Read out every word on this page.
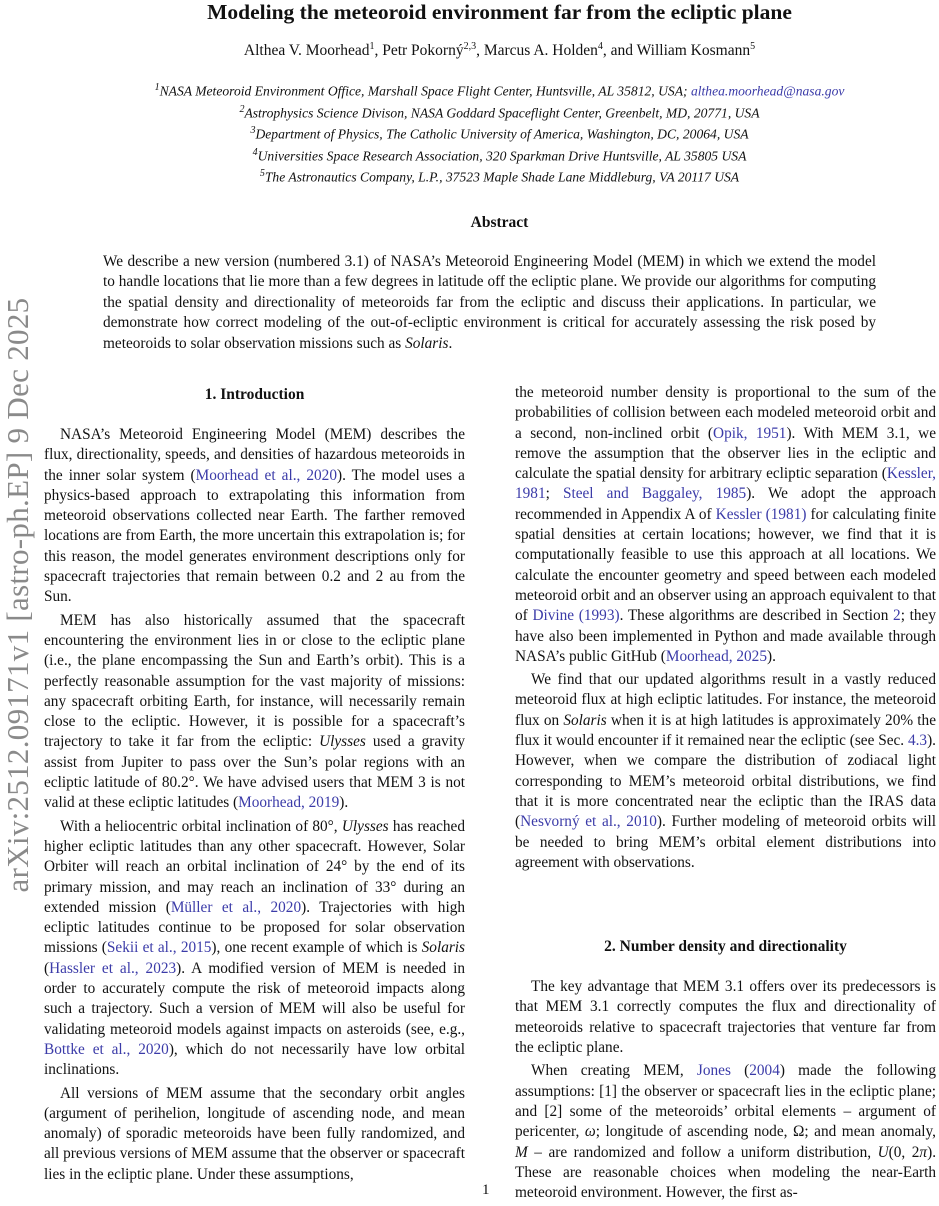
arXiv:2512.09171v1 [astro-ph.EP] 9 Dec 2025
Modeling the meteoroid environment far from the ecliptic plane
Althea V. Moorhead$^1$, Petr Pokorný$^{2,3}$, Marcus A. Holden$^4$, and William Kosmann$^5$
$^1$NASA Meteoroid Environment Office, Marshall Space Flight Center, Huntsville, AL 35812, USA; althea.moorhead@nasa.gov
$^2$Astrophysics Science Divison, NASA Goddard Spaceflight Center, Greenbelt, MD, 20771, USA
$^3$Department of Physics, The Catholic University of America, Washington, DC, 20064, USA
$^4$Universities Space Research Association, 320 Sparkman Drive Huntsville, AL 35805 USA
$^5$The Astronautics Company, L.P., 37523 Maple Shade Lane Middleburg, VA 20117 USA
Abstract

We describe a new version (numbered 3.1) of NASA’s Meteoroid Engineering Model (MEM) in which we extend the model to handle locations that lie more than a few degrees in latitude off the ecliptic plane. We provide our algorithms for computing the spatial density and directionality of meteoroids far from the ecliptic and discuss their applications. In particular, we demonstrate how correct modeling of the out-of-ecliptic environment is critical for accurately assessing the risk posed by meteoroids to solar observation missions such as Solaris.

1. Introduction

NASA’s Meteoroid Engineering Model (MEM) describes the flux, directionality, speeds, and densities of hazardous meteoroids in the inner solar system (Moorhead et al., 2020). The model uses a physics-based approach to extrapolating this information from meteoroid observations collected near Earth. The farther removed locations are from Earth, the more uncertain this extrapolation is; for this reason, the model generates environment descriptions only for spacecraft trajectories that remain between 0.2 and 2 au from the Sun.

MEM has also historically assumed that the spacecraft encountering the environment lies in or close to the ecliptic plane (i.e., the plane encompassing the Sun and Earth’s orbit). This is a perfectly reasonable assumption for the vast majority of missions: any spacecraft orbiting Earth, for instance, will necessarily remain close to the ecliptic. However, it is possible for a spacecraft’s trajectory to take it far from the ecliptic: Ulysses used a gravity assist from Jupiter to pass over the Sun’s polar regions with an ecliptic latitude of 80.2°. We have advised users that MEM 3 is not valid at these ecliptic latitudes (Moorhead, 2019).

With a heliocentric orbital inclination of 80°, Ulysses has reached higher ecliptic latitudes than any other spacecraft. However, Solar Orbiter will reach an orbital inclination of 24° by the end of its primary mission, and may reach an inclination of 33° during an extended mission (Müller et al., 2020). Trajectories with high ecliptic latitudes continue to be proposed for solar observation missions (Sekii et al., 2015), one recent example of which is Solaris (Hassler et al., 2023). A modified version of MEM is needed in order to accurately compute the risk of meteoroid impacts along such a trajectory. Such a version of MEM will also be useful for validating meteoroid models against impacts on asteroids (see, e.g., Bottke et al., 2020), which do not necessarily have low orbital inclinations.

All versions of MEM assume that the secondary orbit angles (argument of perihelion, longitude of ascending node, and mean anomaly) of sporadic meteoroids have been fully randomized, and all previous versions of MEM assume that the observer or spacecraft lies in the ecliptic plane. Under these assumptions,

the meteoroid number density is proportional to the sum of the probabilities of collision between each modeled meteoroid orbit and a second, non-inclined orbit (Opik, 1951). With MEM 3.1, we remove the assumption that the observer lies in the ecliptic and calculate the spatial density for arbitrary ecliptic separation (Kessler, 1981; Steel and Baggaley, 1985). We adopt the approach recommended in Appendix A of Kessler (1981) for calculating finite spatial densities at certain locations; however, we find that it is computationally feasible to use this approach at all locations. We calculate the encounter geometry and speed between each modeled meteoroid orbit and an observer using an approach equivalent to that of Divine (1993). These algorithms are described in Section 2; they have also been implemented in Python and made available through NASA’s public GitHub (Moorhead, 2025).

We find that our updated algorithms result in a vastly reduced meteoroid flux at high ecliptic latitudes. For instance, the meteoroid flux on Solaris when it is at high latitudes is approximately 20% the flux it would encounter if it remained near the ecliptic (see Sec. 4.3). However, when we compare the distribution of zodiacal light corresponding to MEM’s meteoroid orbital distributions, we find that it is more concentrated near the ecliptic than the IRAS data (Nesvorný et al., 2010). Further modeling of meteoroid orbits will be needed to bring MEM’s orbital element distributions into agreement with observations.

2. Number density and directionality

The key advantage that MEM 3.1 offers over its predecessors is that MEM 3.1 correctly computes the flux and directionality of meteoroids relative to spacecraft trajectories that venture far from the ecliptic plane.

When creating MEM, Jones (2004) made the following assumptions: [1] the observer or spacecraft lies in the ecliptic plane; and [2] some of the meteoroids’ orbital elements – argument of pericenter, ω; longitude of ascending node, Ω; and mean anomaly, M – are randomized and follow a uniform distribution, U(0, 2π). These are reasonable choices when modeling the near-Earth meteoroid environment. However, the first as-

1
